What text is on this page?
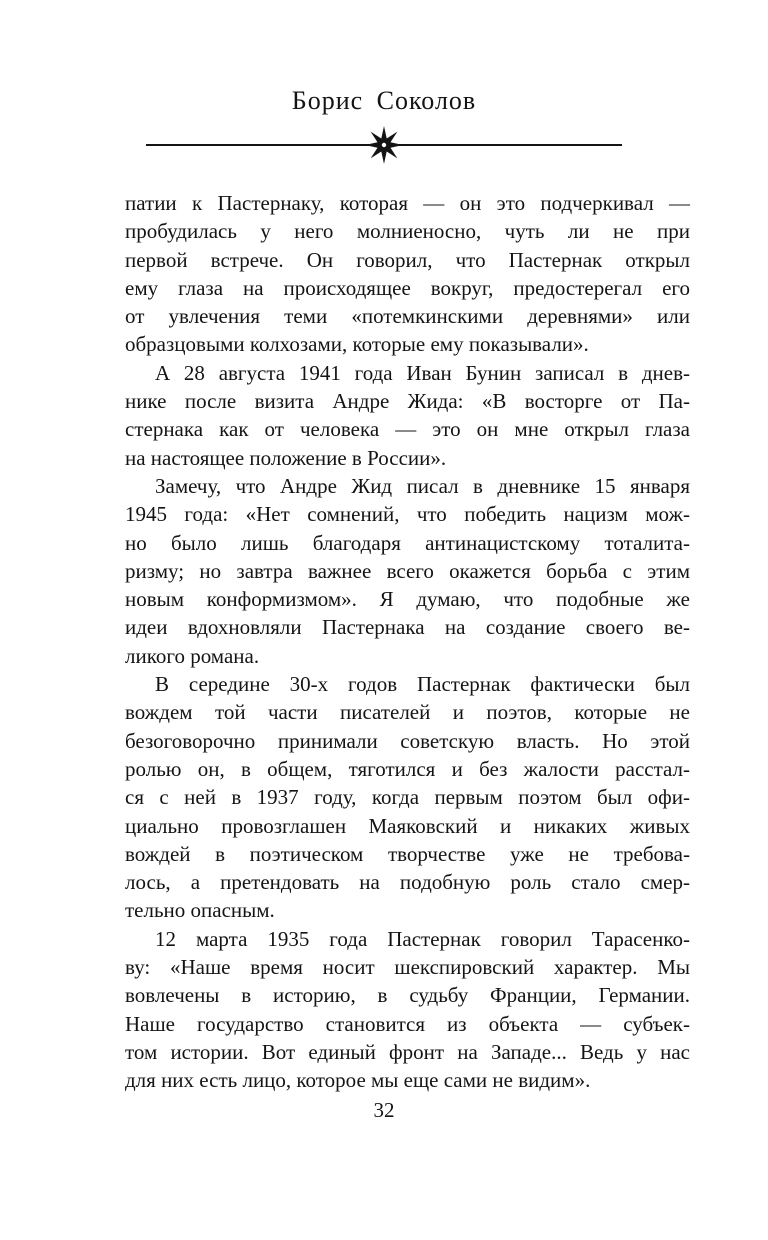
Борис Соколов
патии к Пастернаку, которая — он это подчеркивал —
пробудилась у него молниеносно, чуть ли не при
первой встрече. Он говорил, что Пастернак открыл
ему глаза на происходящее вокруг, предостерегал его
от увлечения теми «потемкинскими деревнями» или
образцовыми колхозами, которые ему показывали».
А 28 августа 1941 года Иван Бунин записал в днев-
нике после визита Андре Жида: «В восторге от Па-
стернака как от человека — это он мне открыл глаза
на настоящее положение в России».
Замечу, что Андре Жид писал в дневнике 15 января
1945 года: «Нет сомнений, что победить нацизм мож-
но было лишь благодаря антинацистскому тоталита-
ризму; но завтра важнее всего окажется борьба с этим
новым конформизмом». Я думаю, что подобные же
идеи вдохновляли Пастернака на создание своего ве-
ликого романа.
В середине 30-х годов Пастернак фактически был
вождем той части писателей и поэтов, которые не
безоговорочно принимали советскую власть. Но этой
ролью он, в общем, тяготился и без жалости расстал-
ся с ней в 1937 году, когда первым поэтом был офи-
циально провозглашен Маяковский и никаких живых
вождей в поэтическом творчестве уже не требова-
лось, а претендовать на подобную роль стало смер-
тельно опасным.
12 марта 1935 года Пастернак говорил Тарасенко-
ву: «Наше время носит шекспировский характер. Мы
вовлечены в историю, в судьбу Франции, Германии.
Наше государство становится из объекта — субъек-
том истории. Вот единый фронт на Западе... Ведь у нас
для них есть лицо, которое мы еще сами не видим».
32
